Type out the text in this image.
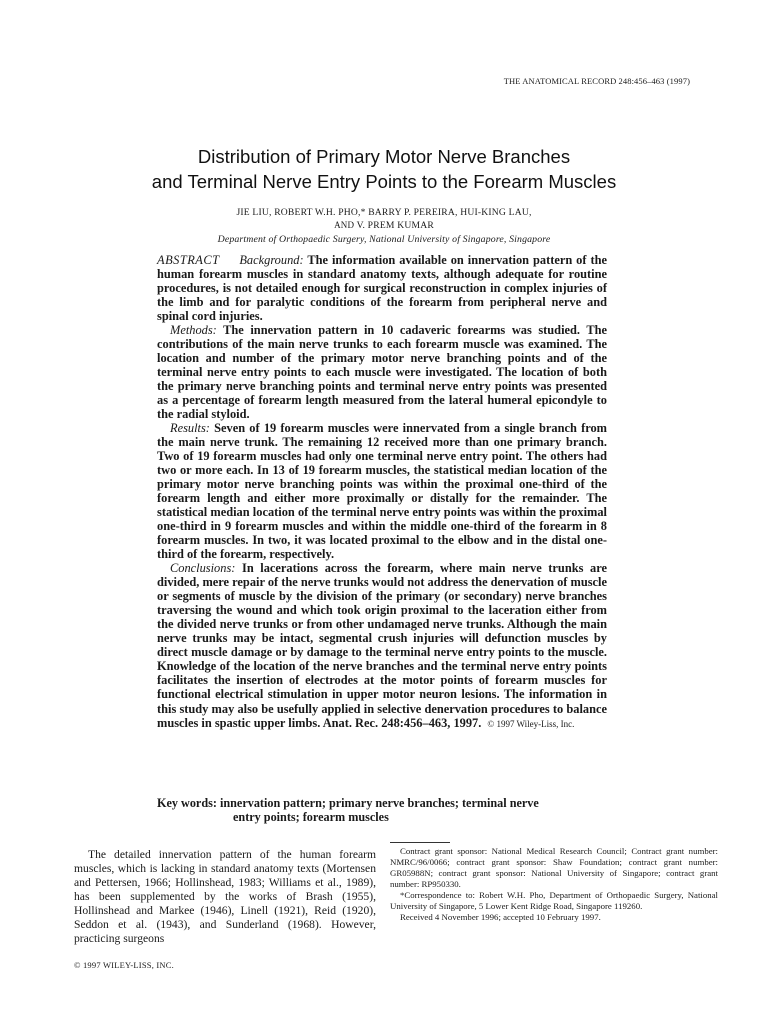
THE ANATOMICAL RECORD 248:456–463 (1997)
Distribution of Primary Motor Nerve Branches
and Terminal Nerve Entry Points to the Forearm Muscles
JIE LIU, ROBERT W.H. PHO,* BARRY P. PEREIRA, HUI-KING LAU,
AND V. PREM KUMAR
Department of Orthopaedic Surgery, National University of Singapore, Singapore

ABSTRACT Background: The information available on innervation pattern of the human forearm muscles in standard anatomy texts, although adequate for routine procedures, is not detailed enough for surgical reconstruction in complex injuries of the limb and for paralytic conditions of the forearm from peripheral nerve and spinal cord injuries.

Methods: The innervation pattern in 10 cadaveric forearms was studied. The contributions of the main nerve trunks to each forearm muscle was examined. The location and number of the primary motor nerve branching points and of the terminal nerve entry points to each muscle were investigated. The location of both the primary nerve branching points and terminal nerve entry points was presented as a percentage of forearm length measured from the lateral humeral epicondyle to the radial styloid.

Results: Seven of 19 forearm muscles were innervated from a single branch from the main nerve trunk. The remaining 12 received more than one primary branch. Two of 19 forearm muscles had only one terminal nerve entry point. The others had two or more each. In 13 of 19 forearm muscles, the statistical median location of the primary motor nerve branching points was within the proximal one-third of the forearm length and either more proximally or distally for the remainder. The statistical median location of the terminal nerve entry points was within the proximal one-third in 9 forearm muscles and within the middle one-third of the forearm in 8 forearm muscles. In two, it was located proximal to the elbow and in the distal one-third of the forearm, respectively.

Conclusions: In lacerations across the forearm, where main nerve trunks are divided, mere repair of the nerve trunks would not address the denervation of muscle or segments of muscle by the division of the primary (or secondary) nerve branches traversing the wound and which took origin proximal to the laceration either from the divided nerve trunks or from other undamaged nerve trunks. Although the main nerve trunks may be intact, segmental crush injuries will defunction muscles by direct muscle damage or by damage to the terminal nerve entry points to the muscle. Knowledge of the location of the nerve branches and the terminal nerve entry points facilitates the insertion of electrodes at the motor points of forearm muscles for functional electrical stimulation in upper motor neuron lesions. The information in this study may also be usefully applied in selective denervation procedures to balance muscles in spastic upper limbs. Anat. Rec. 248:456–463, 1997. © 1997 Wiley-Liss, Inc.

Key words: innervation pattern; primary nerve branches; terminal nerve
entry points; forearm muscles

The detailed innervation pattern of the human forearm muscles, which is lacking in standard anatomy texts (Mortensen and Pettersen, 1966; Hollinshead, 1983; Williams et al., 1989), has been supplemented by the works of Brash (1955), Hollinshead and Markee (1946), Linell (1921), Reid (1920), Seddon et al. (1943), and Sunderland (1968). However, practicing surgeons

Contract grant sponsor: National Medical Research Council; Contract grant number: NMRC/96/0066; contract grant sponsor: Shaw Foundation; contract grant number: GR05988N; contract grant sponsor: National University of Singapore; contract grant number: RP950330.

*Correspondence to: Robert W.H. Pho, Department of Orthopaedic Surgery, National University of Singapore, 5 Lower Kent Ridge Road, Singapore 119260.

Received 4 November 1996; accepted 10 February 1997.

© 1997 WILEY-LISS, INC.
